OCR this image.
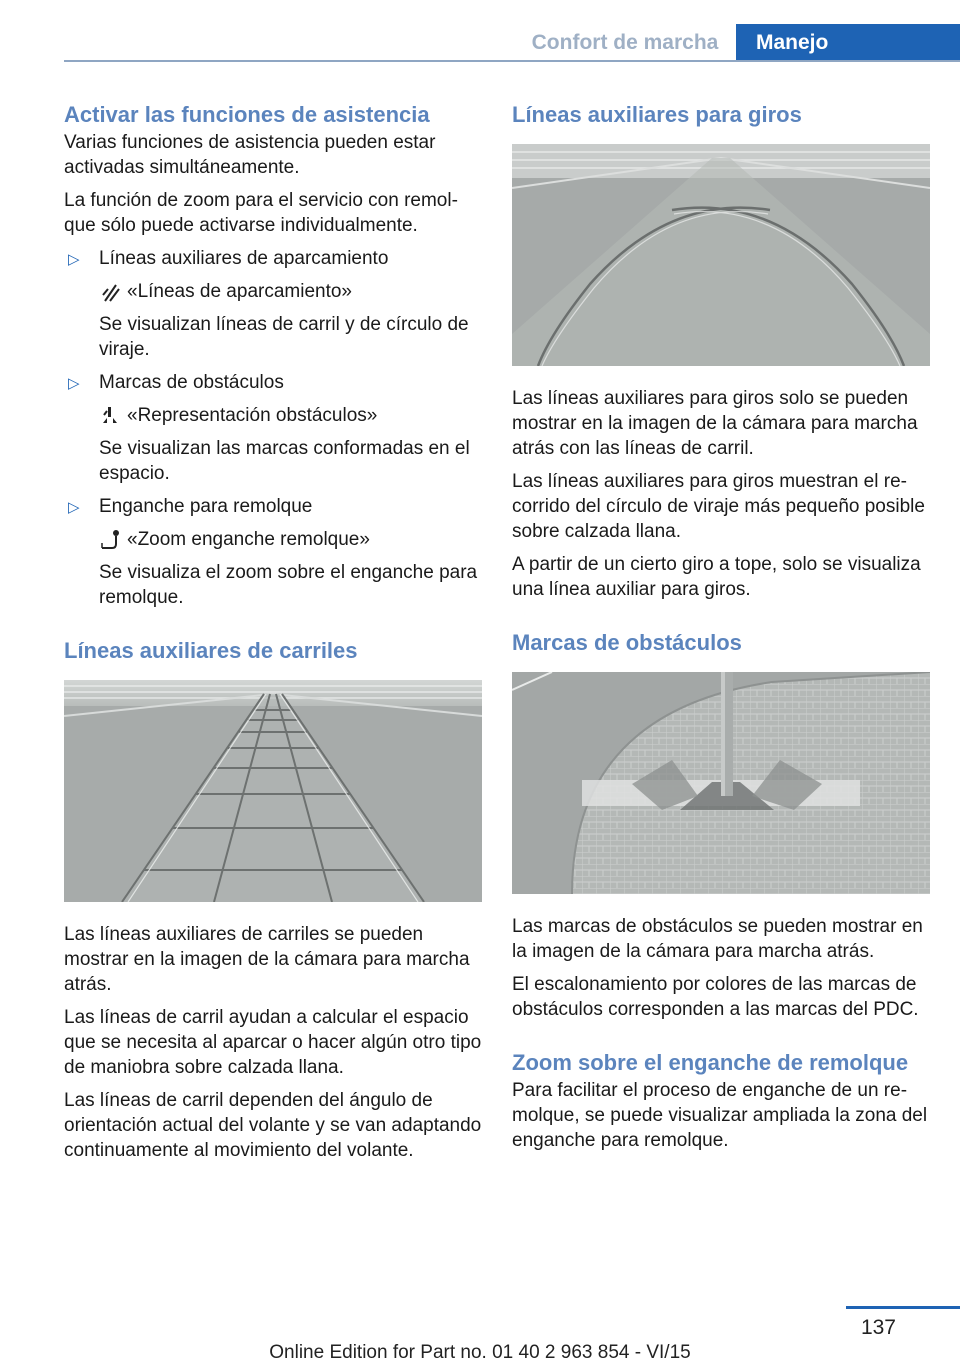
Confort de marcha	Manejo
Activar las funciones de asistencia

Varias funciones de asistencia pueden estar activadas simultáneamente.

La función de zoom para el servicio con remolque sólo puede activarse individualmente.

▷ Líneas auxiliares de aparcamiento
«Líneas de aparcamiento»
Se visualizan líneas de carril y de círculo de viraje.
▷ Marcas de obstáculos
«Representación obstáculos»
Se visualizan las marcas conformadas en el espacio.
▷ Enganche para remolque
«Zoom enganche remolque»
Se visualiza el zoom sobre el enganche para remolque.
Líneas auxiliares de carriles

Las líneas auxiliares de carriles se pueden mostrar en la imagen de la cámara para marcha atrás.

Las líneas de carril ayudan a calcular el espacio que se necesita al aparcar o hacer algún otro tipo de maniobra sobre calzada llana.

Las líneas de carril dependen del ángulo de orientación actual del volante y se van adaptando continuamente al movimiento del volante.

Líneas auxiliares para giros

Las líneas auxiliares para giros solo se pueden mostrar en la imagen de la cámara para marcha atrás con las líneas de carril.

Las líneas auxiliares para giros muestran el recorrido del círculo de viraje más pequeño posible sobre calzada llana.

A partir de un cierto giro a tope, solo se visualiza una línea auxiliar para giros.

Marcas de obstáculos

Las marcas de obstáculos se pueden mostrar en la imagen de la cámara para marcha atrás.

El escalonamiento por colores de las marcas de obstáculos corresponden a las marcas del PDC.

Zoom sobre el enganche de remolque

Para facilitar el proceso de enganche de un remolque, se puede visualizar ampliada la zona del enganche para remolque.

137
Online Edition for Part no. 01 40 2 963 854 - VI/15
